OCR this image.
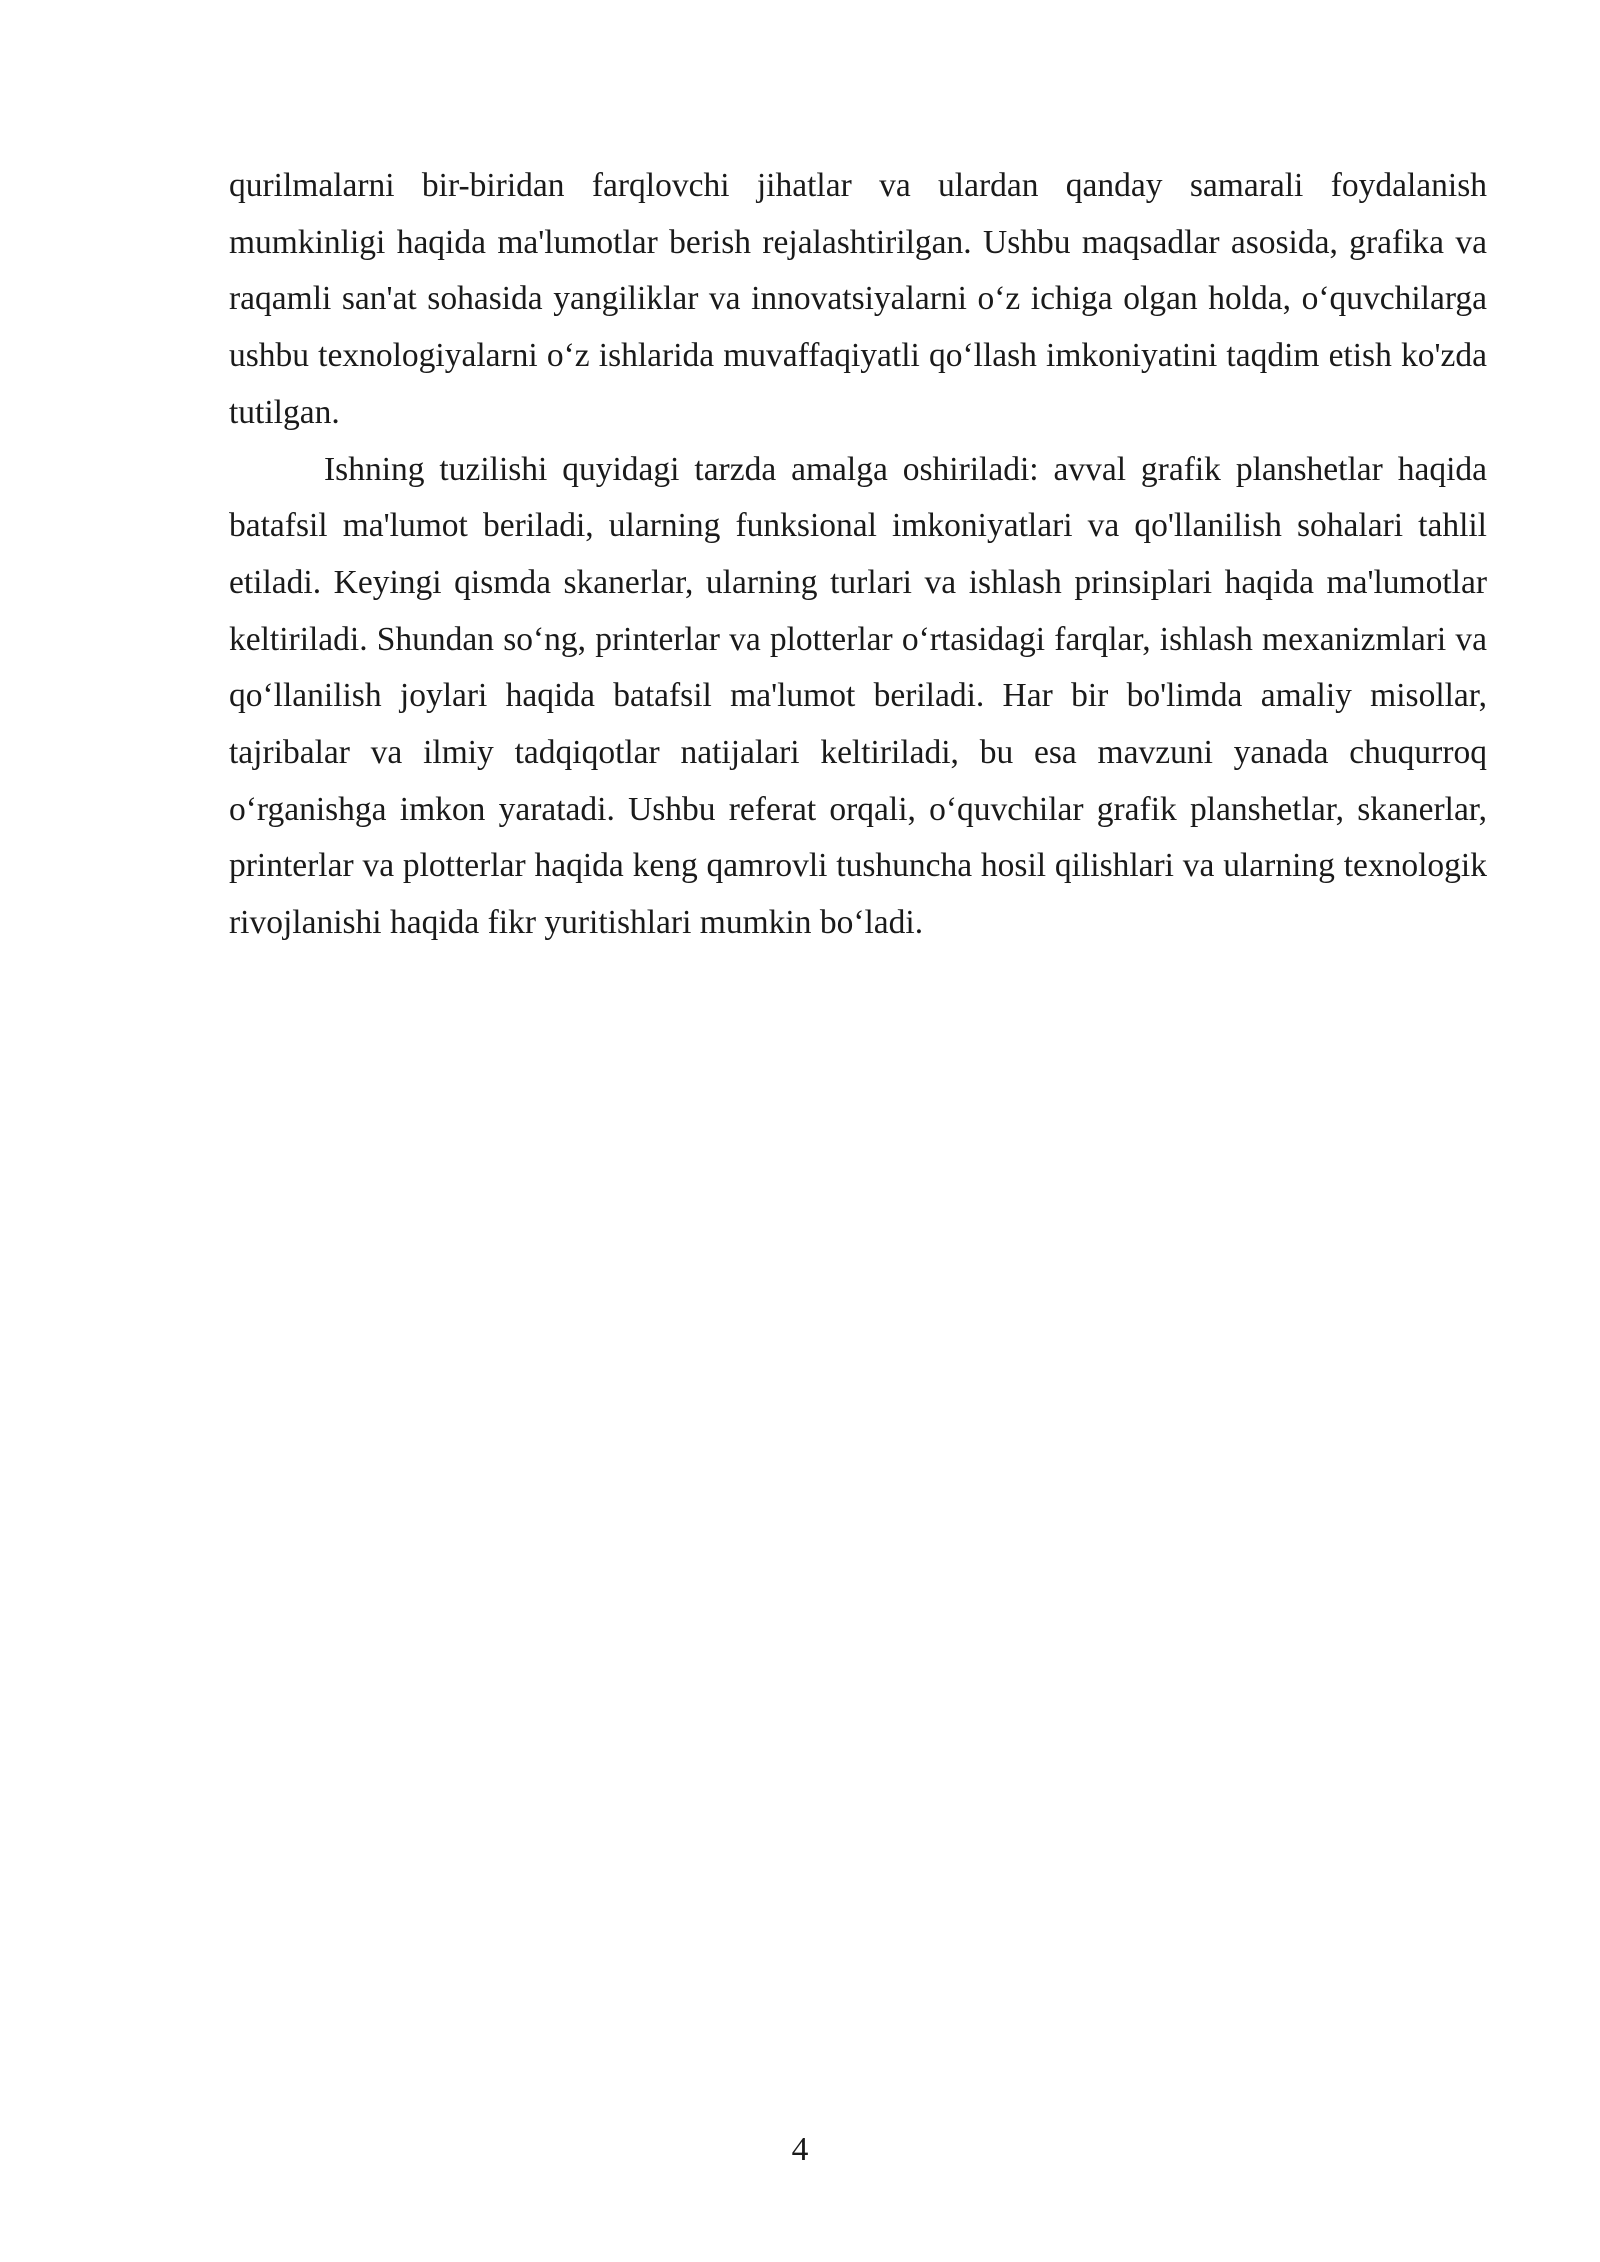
qurilmalarni bir-biridan farqlovchi jihatlar va ulardan qanday samarali foydalanish mumkinligi haqida ma'lumotlar berish rejalashtirilgan. Ushbu maqsadlar asosida, grafika va raqamli san'at sohasida yangiliklar va innovatsiyalarni o‘z ichiga olgan holda, o‘quvchilarga ushbu texnologiyalarni o‘z ishlarida muvaffaqiyatli qo‘llash imkoniyatini taqdim etish ko'zda tutilgan.

Ishning tuzilishi quyidagi tarzda amalga oshiriladi: avval grafik planshetlar haqida batafsil ma'lumot beriladi, ularning funksional imkoniyatlari va qo'llanilish sohalari tahlil etiladi. Keyingi qismda skanerlar, ularning turlari va ishlash prinsiplari haqida ma'lumotlar keltiriladi. Shundan so‘ng, printerlar va plotterlar o‘rtasidagi farqlar, ishlash mexanizmlari va qo‘llanilish joylari haqida batafsil ma'lumot beriladi. Har bir bo'limda amaliy misollar, tajribalar va ilmiy tadqiqotlar natijalari keltiriladi, bu esa mavzuni yanada chuqurroq o‘rganishga imkon yaratadi. Ushbu referat orqali, o‘quvchilar grafik planshetlar, skanerlar, printerlar va plotterlar haqida keng qamrovli tushuncha hosil qilishlari va ularning texnologik rivojlanishi haqida fikr yuritishlari mumkin bo‘ladi.

4
